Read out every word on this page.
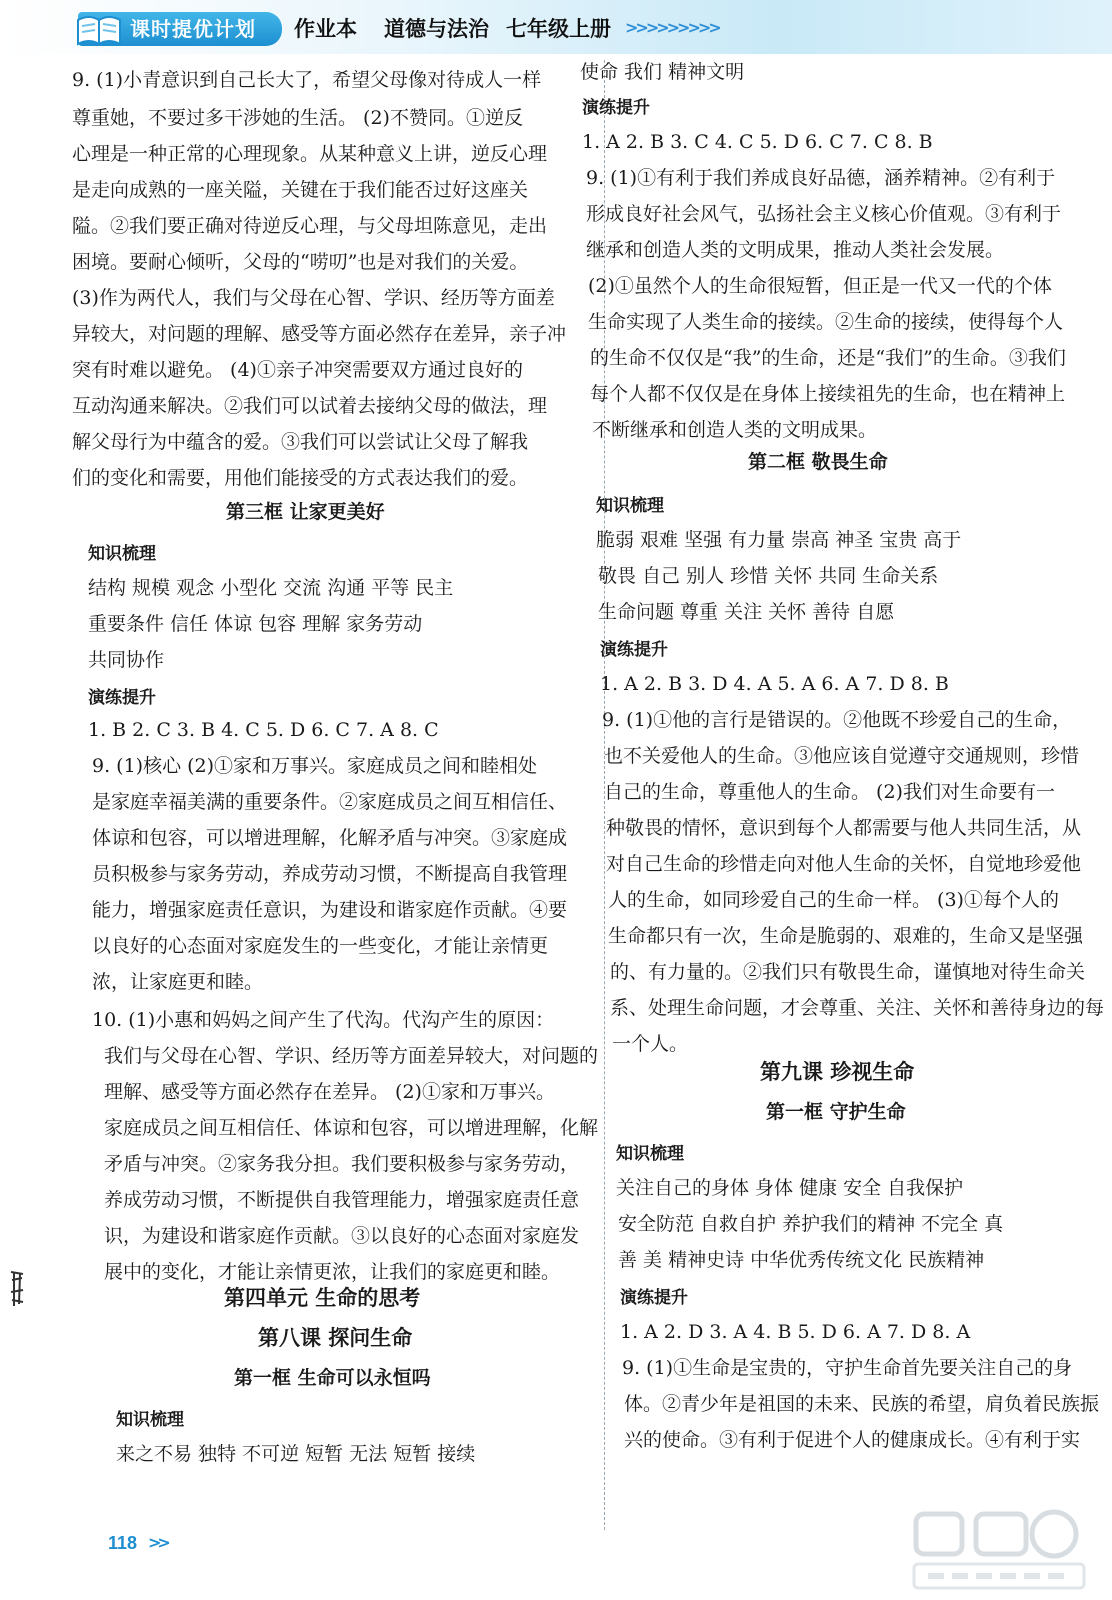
课时提优计划 作业本 道德与法治 七年级上册 >>>>>>>>>
9. (1)小青意识到自己长大了，希望父母像对待成人一样
尊重她，不要过多干涉她的生活。 (2)不赞同。①逆反
心理是一种正常的心理现象。从某种意义上讲，逆反心理
是走向成熟的一座关隘，关键在于我们能否过好这座关
隘。②我们要正确对待逆反心理，与父母坦陈意见，走出
困境。要耐心倾听，父母的“唠叨”也是对我们的关爱。
(3)作为两代人，我们与父母在心智、学识、经历等方面差
异较大，对问题的理解、感受等方面必然存在差异，亲子冲
突有时难以避免。 (4)①亲子冲突需要双方通过良好的
互动沟通来解决。②我们可以试着去接纳父母的做法，理
解父母行为中蕴含的爱。③我们可以尝试让父母了解我
们的变化和需要，用他们能接受的方式表达我们的爱。
第三框 让家更美好
知识梳理
结构 规模 观念 小型化 交流 沟通 平等 民主
重要条件 信任 体谅 包容 理解 家务劳动
共同协作
演练提升
1. B 2. C 3. B 4. C 5. D 6. C 7. A 8. C
9. (1)核心 (2)①家和万事兴。家庭成员之间和睦相处
是家庭幸福美满的重要条件。②家庭成员之间互相信任、
体谅和包容，可以增进理解，化解矛盾与冲突。③家庭成
员积极参与家务劳动，养成劳动习惯，不断提高自我管理
能力，增强家庭责任意识，为建设和谐家庭作贡献。④要
以良好的心态面对家庭发生的一些变化，才能让亲情更
浓，让家庭更和睦。
10. (1)小惠和妈妈之间产生了代沟。代沟产生的原因：
我们与父母在心智、学识、经历等方面差异较大，对问题的
理解、感受等方面必然存在差异。 (2)①家和万事兴。
家庭成员之间互相信任、体谅和包容，可以增进理解，化解
矛盾与冲突。②家务我分担。我们要积极参与家务劳动，
养成劳动习惯，不断提供自我管理能力，增强家庭责任意
识，为建设和谐家庭作贡献。③以良好的心态面对家庭发
展中的变化，才能让亲情更浓，让我们的家庭更和睦。
第四单元 生命的思考
第八课 探问生命
第一框 生命可以永恒吗
知识梳理
来之不易 独特 不可逆 短暂 无法 短暂 接续
使命 我们 精神文明
演练提升
1. A 2. B 3. C 4. C 5. D 6. C 7. C 8. B
9. (1)①有利于我们养成良好品德，涵养精神。②有利于
形成良好社会风气，弘扬社会主义核心价值观。③有利于
继承和创造人类的文明成果，推动人类社会发展。
(2)①虽然个人的生命很短暂，但正是一代又一代的个体
生命实现了人类生命的接续。②生命的接续，使得每个人
的生命不仅仅是“我”的生命，还是“我们”的生命。③我们
每个人都不仅仅是在身体上接续祖先的生命，也在精神上
不断继承和创造人类的文明成果。
第二框 敬畏生命
知识梳理
脆弱 艰难 坚强 有力量 崇高 神圣 宝贵 高于
敬畏 自己 别人 珍惜 关怀 共同 生命关系
生命问题 尊重 关注 关怀 善待 自愿
演练提升
1. A 2. B 3. D 4. A 5. A 6. A 7. D 8. B
9. (1)①他的言行是错误的。②他既不珍爱自己的生命，
也不关爱他人的生命。③他应该自觉遵守交通规则，珍惜
自己的生命，尊重他人的生命。 (2)我们对生命要有一
种敬畏的情怀，意识到每个人都需要与他人共同生活，从
对自己生命的珍惜走向对他人生命的关怀，自觉地珍爱他
人的生命，如同珍爱自己的生命一样。 (3)①每个人的
生命都只有一次，生命是脆弱的、艰难的，生命又是坚强
的、有力量的。②我们只有敬畏生命，谨慎地对待生命关
系、处理生命问题，才会尊重、关注、关怀和善待身边的每
一个人。
第九课 珍视生命
第一框 守护生命
知识梳理
关注自己的身体 身体 健康 安全 自我保护
安全防范 自救自护 养护我们的精神 不完全 真
善 美 精神史诗 中华优秀传统文化 民族精神
演练提升
1. A 2. D 3. A 4. B 5. D 6. A 7. D 8. A
9. (1)①生命是宝贵的，守护生命首先要关注自己的身
体。②青少年是祖国的未来、民族的希望，肩负着民族振
兴的使命。③有利于促进个人的健康成长。④有利于实
118 >>
